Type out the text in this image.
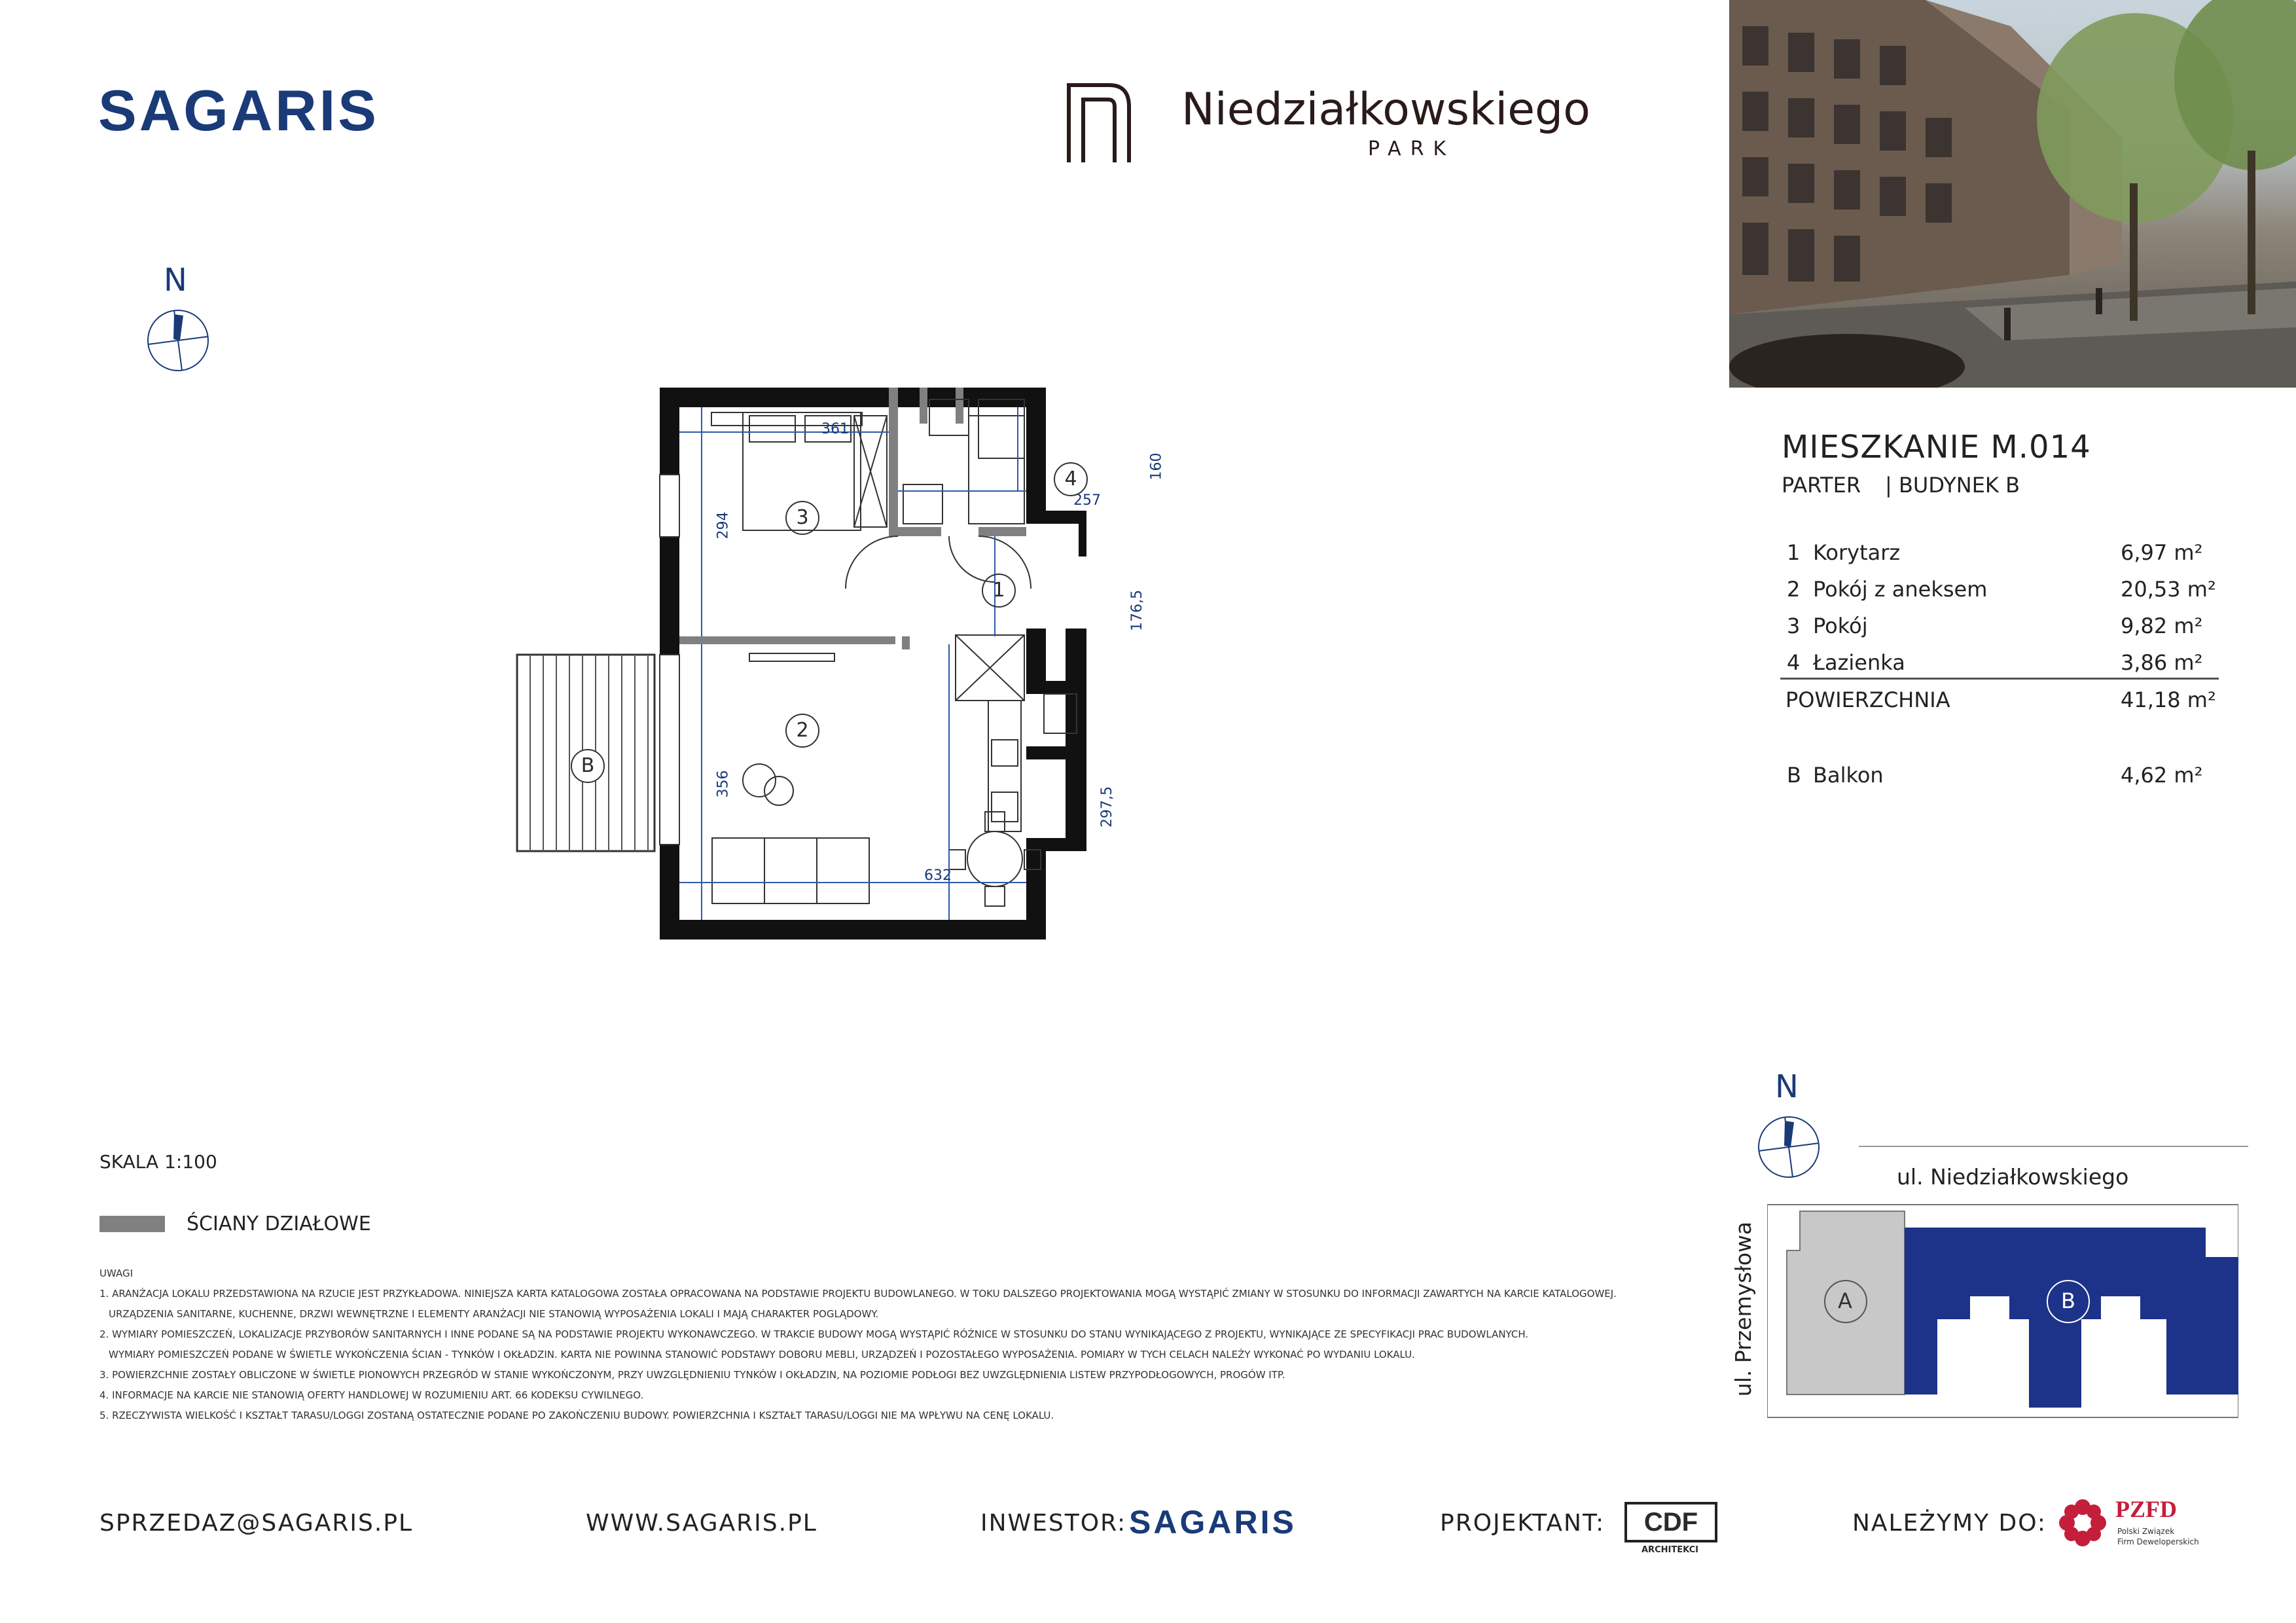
SAGARIS	Niedziałkowskiego
PARK
MIESZKANIE M.014
PARTER | BUDYNEK B
1 Korytarz	6,97 m²
2 Pokój z aneksem	20,53 m²
3 Pokój	9,82 m²
4 Łazienka	3,86 m²
POWIERZCHNIA	41,18 m²
B Balkon	4,62 m²
N
361
294
257
160
176,5
356
297,5
632
1
2
3
4
B
N
ul. Niedziałkowskiego
ul. Przemysłowa	A	B
SKALA 1:100
ŚCIANY DZIAŁOWE
UWAGI
1. ARANŻACJA LOKALU PRZEDSTAWIONA NA RZUCIE JEST PRZYKŁADOWA. NINIEJSZA KARTA KATALOGOWA ZOSTAŁA OPRACOWANA NA PODSTAWIE PROJEKTU BUDOWLANEGO. W TOKU DALSZEGO PROJEKTOWANIA MOGĄ WYSTĄPIĆ ZMIANY W STOSUNKU DO INFORMACJI ZAWARTYCH NA KARCIE KATALOGOWEJ.
URZĄDZENIA SANITARNE, KUCHENNE, DRZWI WEWNĘTRZNE I ELEMENTY ARANŻACJI NIE STANOWIĄ WYPOSAŻENIA LOKALI I MAJĄ CHARAKTER POGLĄDOWY.
2. WYMIARY POMIESZCZEŃ, LOKALIZACJE PRZYBORÓW SANITARNYCH I INNE PODANE SĄ NA PODSTAWIE PROJEKTU WYKONAWCZEGO. W TRAKCIE BUDOWY MOGĄ WYSTĄPIĆ RÓŻNICE W STOSUNKU DO STANU WYNIKAJĄCEGO Z PROJEKTU, WYNIKAJĄCE ZE SPECYFIKACJI PRAC BUDOWLANYCH.
WYMIARY POMIESZCZEŃ PODANE W ŚWIETLE WYKOŃCZENIA ŚCIAN - TYNKÓW I OKŁADZIN. KARTA NIE POWINNA STANOWIĆ PODSTAWY DOBORU MEBLI, URZĄDZEŃ I POZOSTAŁEGO WYPOSAŻENIA. POMIARY W TYCH CELACH NALEŻY WYKONAĆ PO WYDANIU LOKALU.
3. POWIERZCHNIE ZOSTAŁY OBLICZONE W ŚWIETLE PIONOWYCH PRZEGRÓD W STANIE WYKOŃCZONYM, PRZY UWZGLĘDNIENIU TYNKÓW I OKŁADZIN, NA POZIOMIE PODŁOGI BEZ UWZGLĘDNIENIA LISTEW PRZYPODŁOGOWYCH, PROGÓW ITP.
4. INFORMACJE NA KARCIE NIE STANOWIĄ OFERTY HANDLOWEJ W ROZUMIENIU ART. 66 KODEKSU CYWILNEGO.
5. RZECZYWISTA WIELKOŚĆ I KSZTAŁT TARASU/LOGGI ZOSTANĄ OSTATECZNIE PODANE PO ZAKOŃCZENIU BUDOWY. POWIERZCHNIA I KSZTAŁT TARASU/LOGGI NIE MA WPŁYWU NA CENĘ LOKALU.
SPRZEDAZ@SAGARIS.PL	WWW.SAGARIS.PL	INWESTOR: SAGARIS	PROJEKTANT:	CDF
ARCHITEKCI
NALEŻYMY DO:
PZFD
Polski Związek
Firm Deweloperskich
